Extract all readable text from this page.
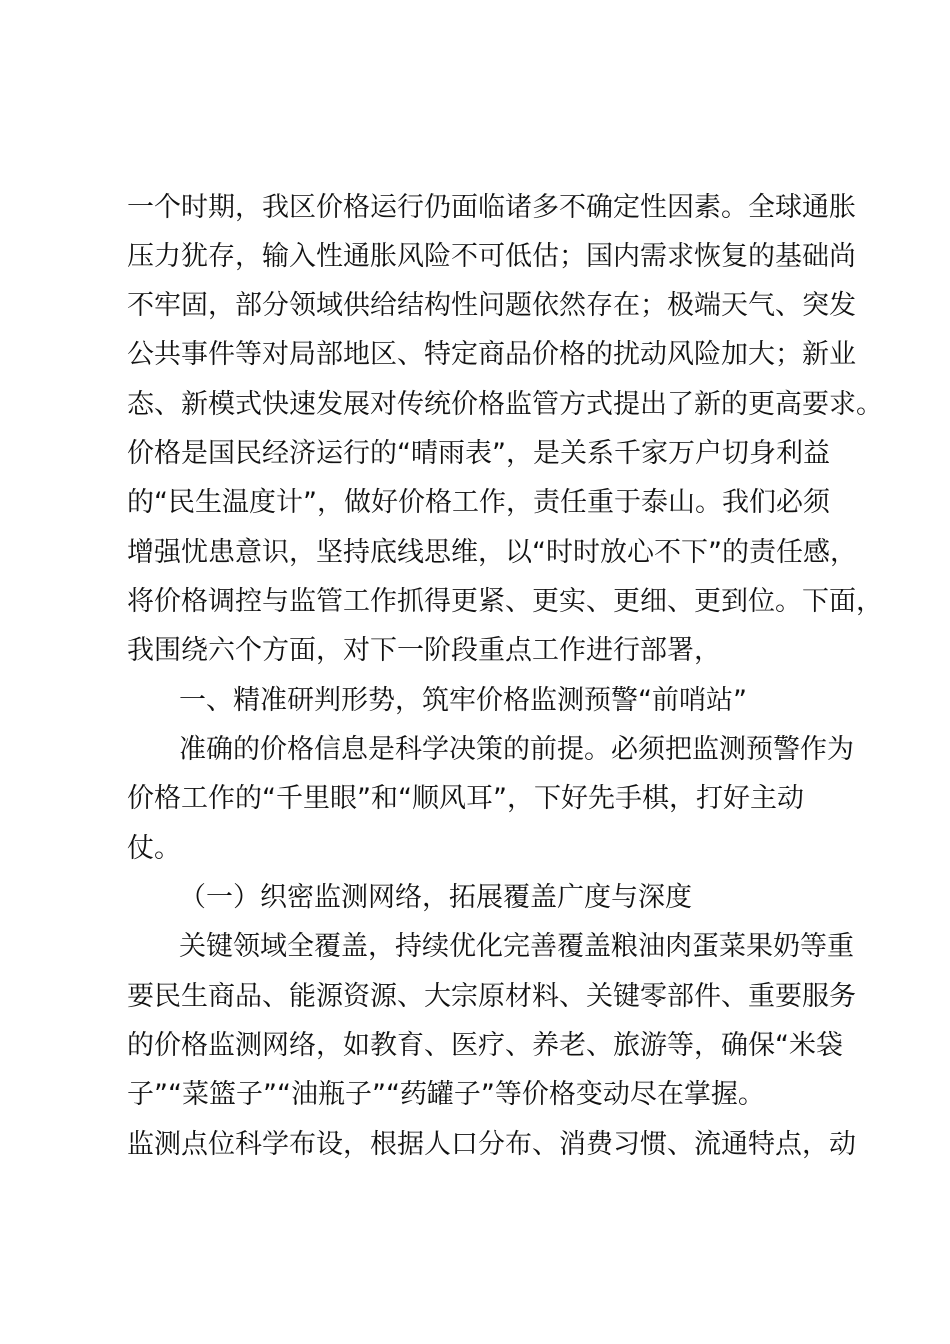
一个时期，我区价格运行仍面临诸多不确定性因素。全球通胀
压力犹存，输入性通胀风险不可低估；国内需求恢复的基础尚
不牢固，部分领域供给结构性问题依然存在；极端天气、突发
公共事件等对局部地区、特定商品价格的扰动风险加大；新业
态、新模式快速发展对传统价格监管方式提出了新的更高要求。
价格是国民经济运行的“晴雨表”，是关系千家万户切身利益
的“民生温度计”，做好价格工作，责任重于泰山。我们必须
增强忧患意识，坚持底线思维，以“时时放心不下”的责任感，
将价格调控与监管工作抓得更紧、更实、更细、更到位。下面，
我围绕六个方面，对下一阶段重点工作进行部署，
一、精准研判形势，筑牢价格监测预警“前哨站”
准确的价格信息是科学决策的前提。必须把监测预警作为
价格工作的“千里眼”和“顺风耳”，下好先手棋，打好主动
仗。
（一）织密监测网络，拓展覆盖广度与深度
关键领域全覆盖，持续优化完善覆盖粮油肉蛋菜果奶等重
要民生商品、能源资源、大宗原材料、关键零部件、重要服务
的价格监测网络，如教育、医疗、养老、旅游等，确保“米袋
子”“菜篮子”“油瓶子”“药罐子”等价格变动尽在掌握。
监测点位科学布设，根据人口分布、消费习惯、流通特点，动
